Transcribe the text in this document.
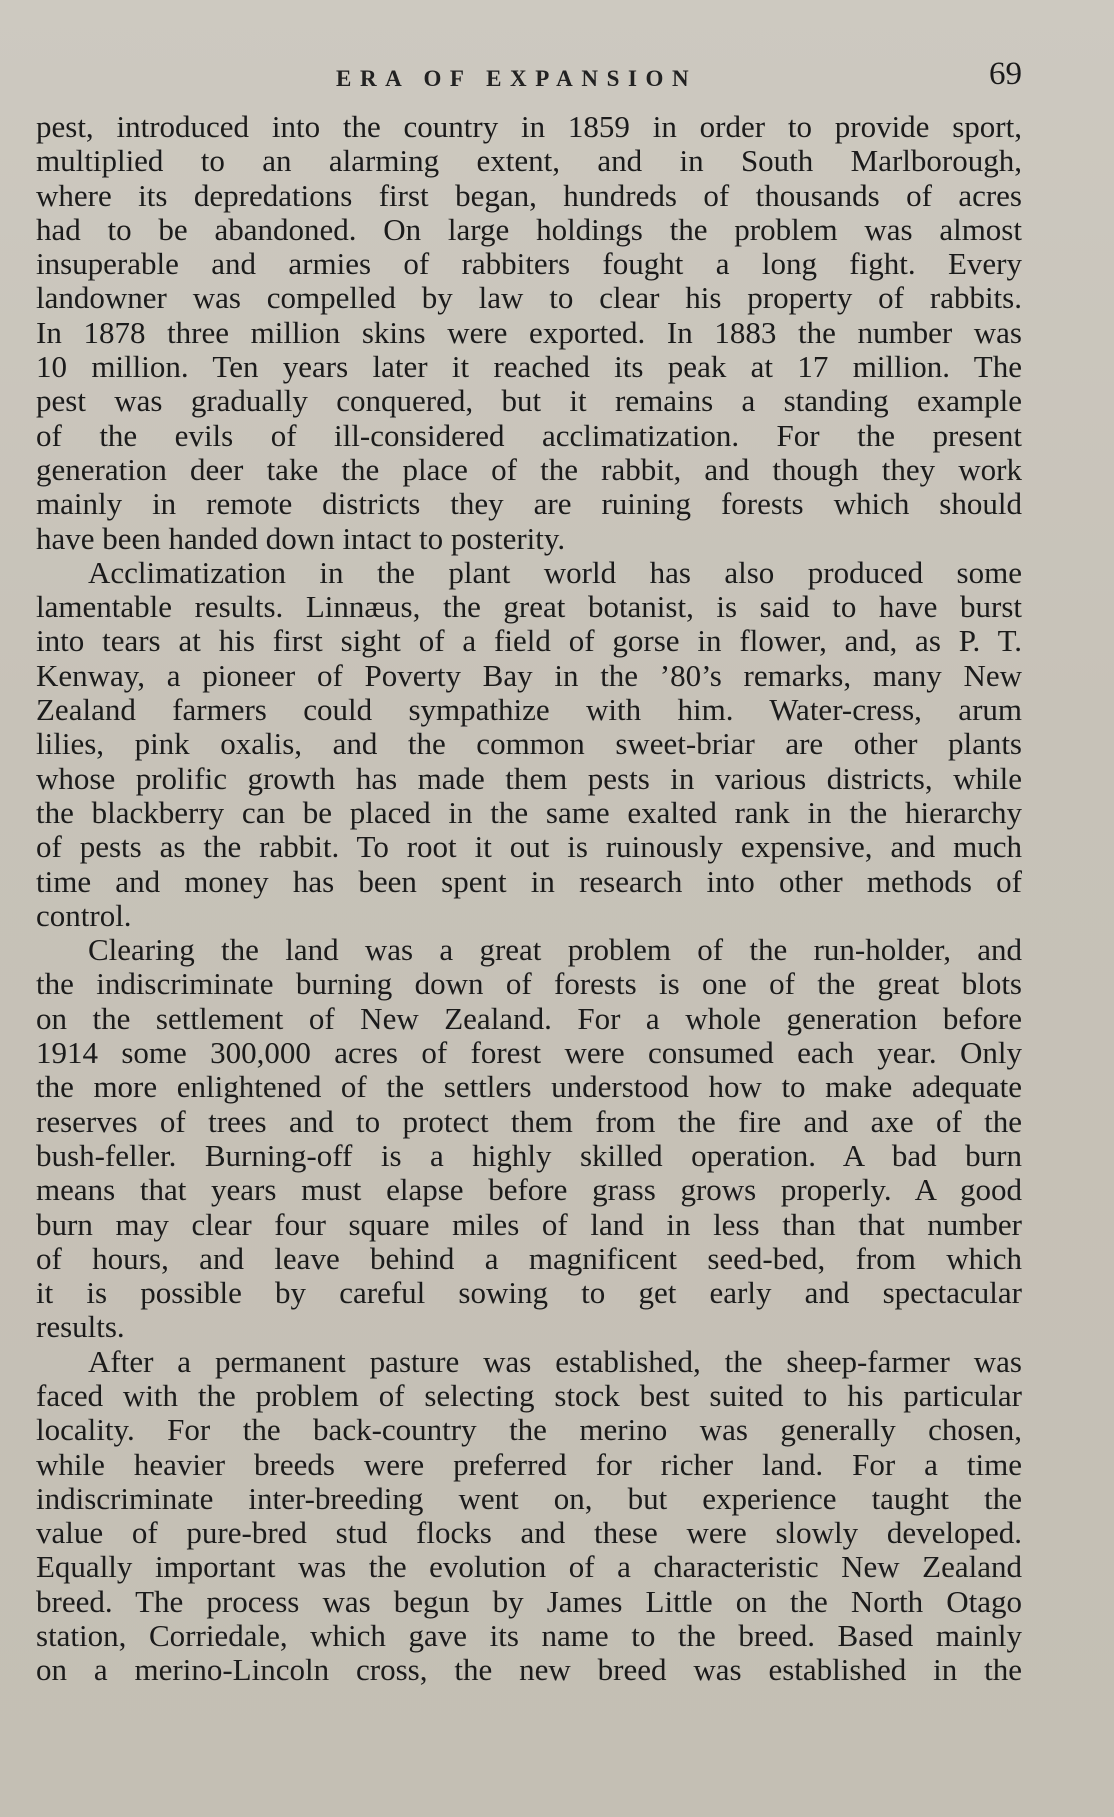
ERA OF EXPANSION	69
pest, introduced into the country in 1859 in order to provide sport,
multiplied to an alarming extent, and in South Marlborough,
where its depredations first began, hundreds of thousands of acres
had to be abandoned. On large holdings the problem was almost
insuperable and armies of rabbiters fought a long fight. Every
landowner was compelled by law to clear his property of rabbits.
In 1878 three million skins were exported. In 1883 the number was
10 million. Ten years later it reached its peak at 17 million. The
pest was gradually conquered, but it remains a standing example
of the evils of ill-considered acclimatization. For the present
generation deer take the place of the rabbit, and though they work
mainly in remote districts they are ruining forests which should
have been handed down intact to posterity.
Acclimatization in the plant world has also produced some
lamentable results. Linnæus, the great botanist, is said to have burst
into tears at his first sight of a field of gorse in flower, and, as P. T.
Kenway, a pioneer of Poverty Bay in the ’80’s remarks, many New
Zealand farmers could sympathize with him. Water-cress, arum
lilies, pink oxalis, and the common sweet-briar are other plants
whose prolific growth has made them pests in various districts, while
the blackberry can be placed in the same exalted rank in the hierarchy
of pests as the rabbit. To root it out is ruinously expensive, and much
time and money has been spent in research into other methods of
control.
Clearing the land was a great problem of the run-holder, and
the indiscriminate burning down of forests is one of the great blots
on the settlement of New Zealand. For a whole generation before
1914 some 300,000 acres of forest were consumed each year. Only
the more enlightened of the settlers understood how to make adequate
reserves of trees and to protect them from the fire and axe of the
bush-feller. Burning-off is a highly skilled operation. A bad burn
means that years must elapse before grass grows properly. A good
burn may clear four square miles of land in less than that number
of hours, and leave behind a magnificent seed-bed, from which
it is possible by careful sowing to get early and spectacular
results.
After a permanent pasture was established, the sheep-farmer was
faced with the problem of selecting stock best suited to his particular
locality. For the back-country the merino was generally chosen,
while heavier breeds were preferred for richer land. For a time
indiscriminate inter-breeding went on, but experience taught the
value of pure-bred stud flocks and these were slowly developed.
Equally important was the evolution of a characteristic New Zealand
breed. The process was begun by James Little on the North Otago
station, Corriedale, which gave its name to the breed. Based mainly
on a merino-Lincoln cross, the new breed was established in the
